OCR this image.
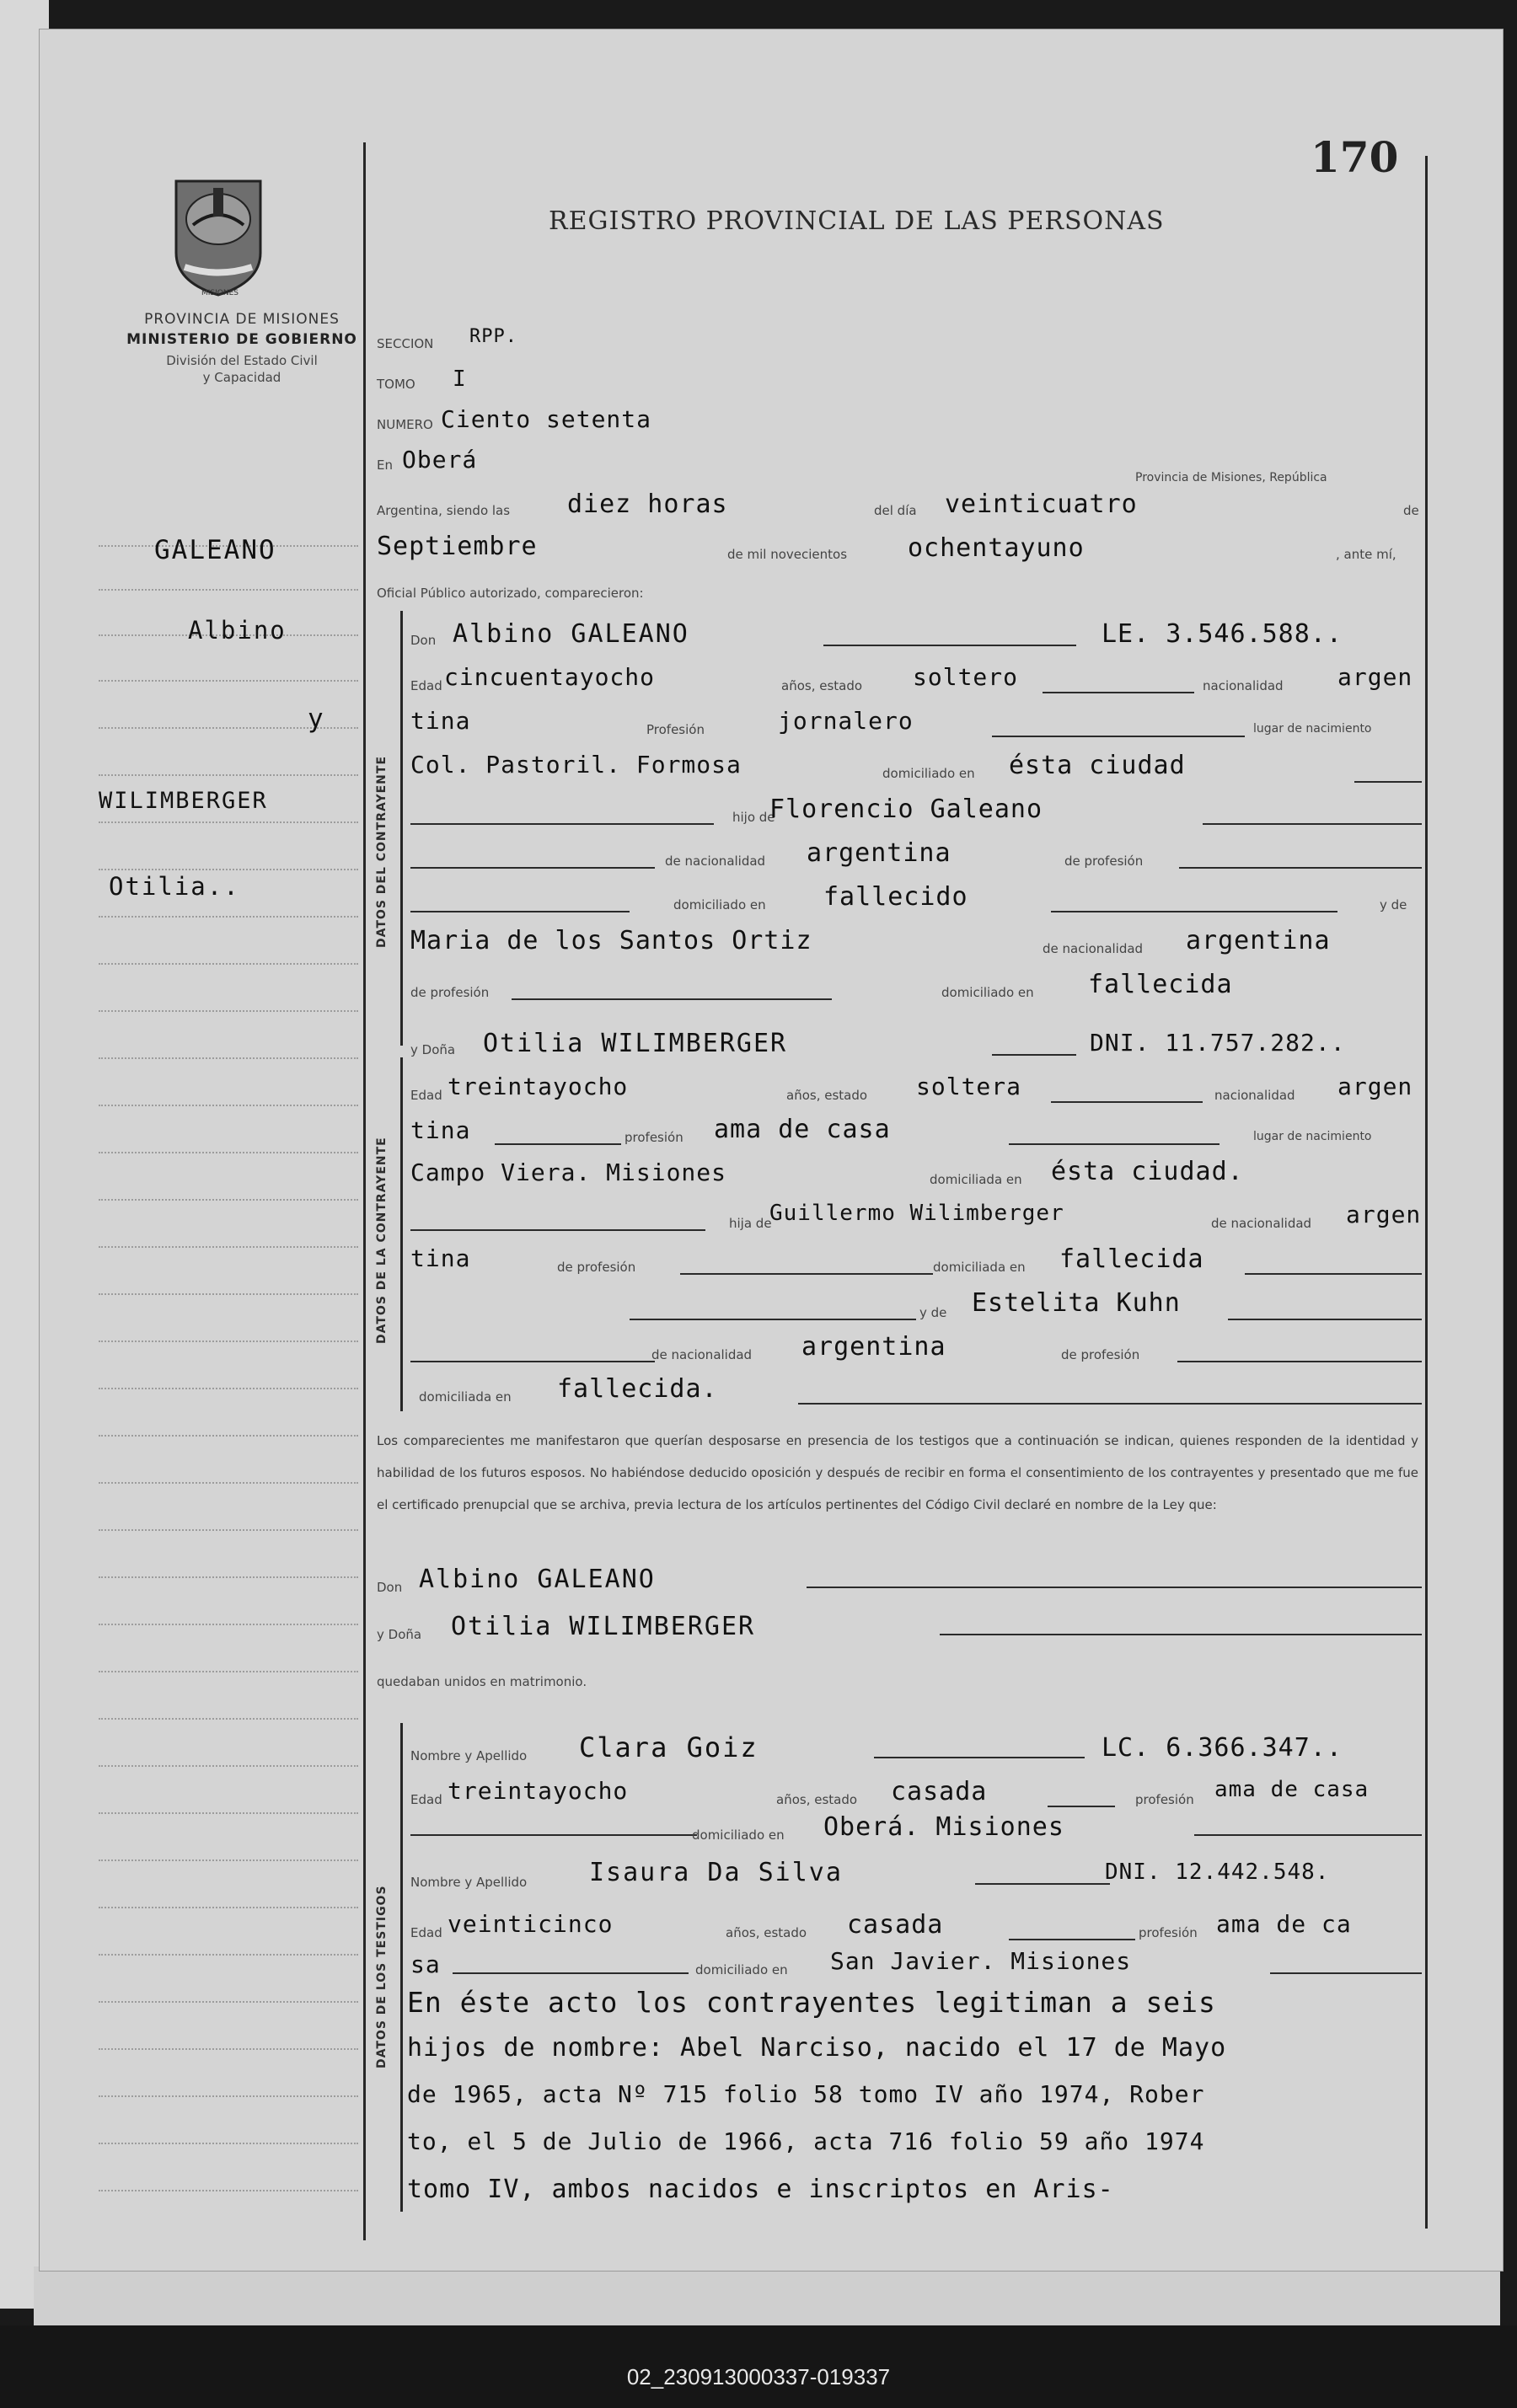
170
REGISTRO PROVINCIAL DE LAS PERSONAS
MISIONES
PROVINCIA DE MISIONES
MINISTERIO DE GOBIERNO
División del Estado Civil
y Capacidad
GALEANO
Albino
y
WILIMBERGER
Otilia..
SECCION RPP.
TOMO I
NUMERO Ciento setenta
En Oberá
Provincia de Misiones, República
Argentina, siendo las diez horas	del día veinticuatro	de
Septiembre	de mil novecientos ochentayuno	, ante mí,
Oficial Público autorizado, comparecieron:
DATOS DEL CONTRAYENTE
Don Albino GALEANO	LE. 3.546.588..
Edad cincuentayocho	años, estado soltero	nacionalidad argen
tina	Profesión	jornalero	lugar de nacimiento
Col. Pastoril. Formosa	domiciliado en ésta ciudad
hijo de
Florencio Galeano
de nacionalidad argentina	de profesión
domiciliado en fallecido	y de
Maria de los Santos Ortiz	de nacionalidad argentina
de profesión	domiciliado en fallecida
DATOS DE LA CONTRAYENTE
y Doña Otilia WILIMBERGER	DNI. 11.757.282..
Edad treintayocho	años, estado soltera	nacionalidad argen
tina	profesión ama de casa	lugar de nacimiento
Campo Viera. Misiones	domiciliada en ésta ciudad.
hija de
Guillermo Wilimberger	de nacionalidad argen
tina	de profesión	domiciliada en fallecida
y de Estelita Kuhn
de nacionalidad argentina	de profesión
domiciliada en fallecida.
Los comparecientes me manifestaron que querían desposarse en presencia de los testigos que a continuación se indican, quienes responden de la identidad y habilidad de los futuros esposos. No habiéndose deducido oposición y después de recibir en forma el consentimiento de los contrayentes y presentado que me fue el certificado prenupcial que se archiva, previa lectura de los artículos pertinentes del Código Civil declaré en nombre de la Ley que:
Don Albino GALEANO
y Doña Otilia WILIMBERGER
quedaban unidos en matrimonio.
DATOS DE LOS TESTIGOS
Nombre y Apellido Clara Goiz	LC. 6.366.347..
Edad treintayocho	años, estado casada	profesión ama de casa
domiciliado en Oberá. Misiones
Nombre y Apellido Isaura Da Silva	DNI. 12.442.548.
Edad veinticinco	años, estado casada	profesión ama de ca
sa	domiciliado en San Javier. Misiones
En éste acto los contrayentes legitiman a seis
hijos de nombre: Abel Narciso, nacido el 17 de Mayo
de 1965, acta Nº 715 folio 58 tomo IV año 1974, Rober
to, el 5 de Julio de 1966, acta 716 folio 59 año 1974
tomo IV, ambos nacidos e inscriptos en Aris-
02_230913000337-019337
